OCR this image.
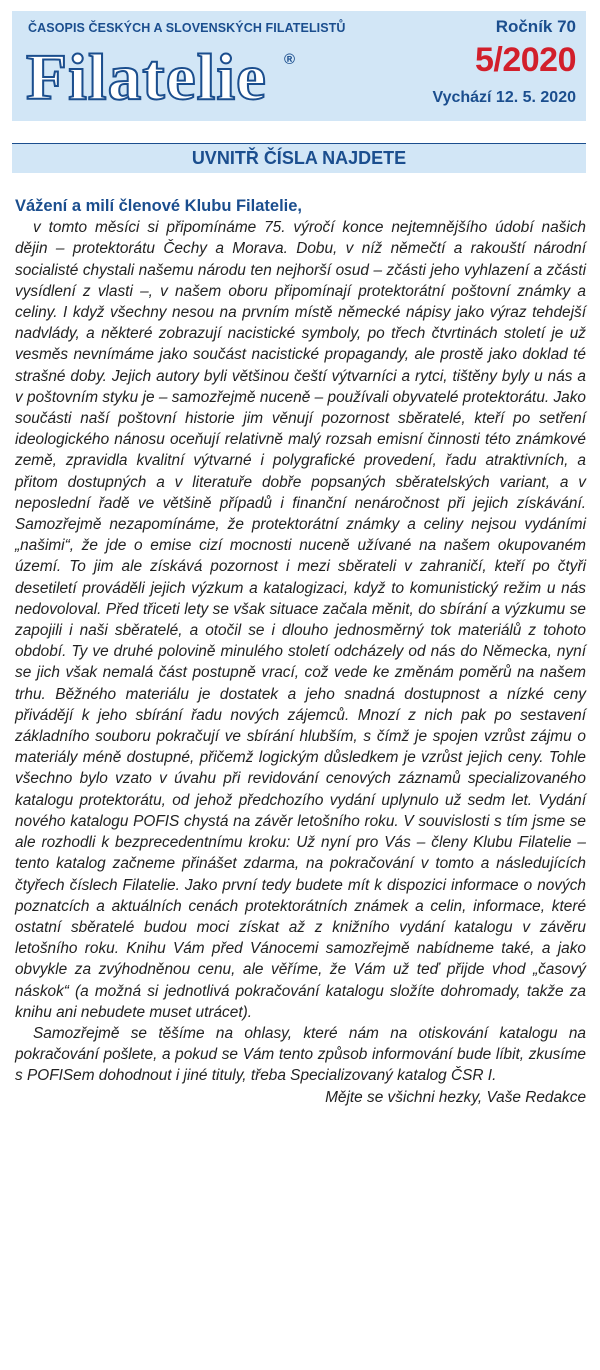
ČASOPIS ČESKÝCH A SLOVENSKÝCH FILATELISTŮ
Filatelie ®
Ročník 70
5/2020
Vychází 12. 5. 2020
UVNITŘ ČÍSLA NAJDETE

Vážení a milí členové Klubu Filatelie,

v tomto měsíci si připomínáme 75. výročí konce nejtemnějšího údobí našich dějin – protektorátu Čechy a Morava. Dobu, v níž němečtí a rakouští národní socialisté chystali našemu národu ten nejhorší osud – zčásti jeho vyhlazení a zčásti vysídlení z vlasti –, v našem oboru připomínají protektorátní poštovní známky a celiny. I když všechny nesou na prvním místě německé nápisy jako výraz tehdejší nadvlády, a některé zobrazují nacistické symboly, po třech čtvrtinách století je už vesměs nevnímáme jako součást nacistické propagandy, ale prostě jako doklad té strašné doby. Jejich autory byli většinou čeští výtvarníci a rytci, tištěny byly u nás a v poštovním styku je – samozřejmě nuceně – používali obyvatelé protektorátu. Jako součásti naší poštovní historie jim věnují pozornost sběratelé, kteří po setření ideologického nánosu oceňují relativně malý rozsah emisní činnosti této známkové země, zpravidla kvalitní výtvarné i polygrafické provedení, řadu atraktivních, a přitom dostupných a v literatuře dobře popsaných sběratelských variant, a v neposlední řadě ve většině případů i finanční nenáročnost při jejich získávání. Samozřejmě nezapomínáme, že protektorátní známky a celiny nejsou vydáními „našimi“, že jde o emise cizí mocnosti nuceně užívané na našem okupovaném území. To jim ale získává pozornost i mezi sběrateli v zahraničí, kteří po čtyři desetiletí prováděli jejich výzkum a katalogizaci, když to komunistický režim u nás nedovoloval. Před třiceti lety se však situace začala měnit, do sbírání a výzkumu se zapojili i naši sběratelé, a otočil se i dlouho jednosměrný tok materiálů z tohoto období. Ty ve druhé polovině minulého století odcházely od nás do Německa, nyní se jich však nemalá část postupně vrací, což vede ke změnám poměrů na našem trhu. Běžného materiálu je dostatek a jeho snadná dostupnost a nízké ceny přivádějí k jeho sbírání řadu nových zájemců. Mnozí z nich pak po sestavení základního souboru pokračují ve sbírání hlubším, s čímž je spojen vzrůst zájmu o materiály méně dostupné, přičemž logickým důsledkem je vzrůst jejich ceny. Tohle všechno bylo vzato v úvahu při revidování cenových záznamů specializovaného katalogu protektorátu, od jehož předchozího vydání uplynulo už sedm let. Vydání nového katalogu POFIS chystá na závěr letošního roku. V souvislosti s tím jsme se ale rozhodli k bezprecedentnímu kroku: Už nyní pro Vás – členy Klubu Filatelie – tento katalog začneme přinášet zdarma, na pokračování v tomto a následujících čtyřech číslech Filatelie. Jako první tedy budete mít k dispozici informace o nových poznatcích a aktuálních cenách protektorátních známek a celin, informace, které ostatní sběratelé budou moci získat až z knižního vydání katalogu v závěru letošního roku. Knihu Vám před Vánocemi samozřejmě nabídneme také, a jako obvykle za zvýhodněnou cenu, ale věříme, že Vám už teď přijde vhod „časový náskok“ (a možná si jednotlivá pokračování katalogu složíte dohromady, takže za knihu ani nebudete muset utrácet).

Samozřejmě se těšíme na ohlasy, které nám na otiskování katalogu na pokračování pošlete, a pokud se Vám tento způsob informování bude líbit, zkusíme s POFISem dohodnout i jiné tituly, třeba Specializovaný katalog ČSR I.

Mějte se všichni hezky, Vaše Redakce
